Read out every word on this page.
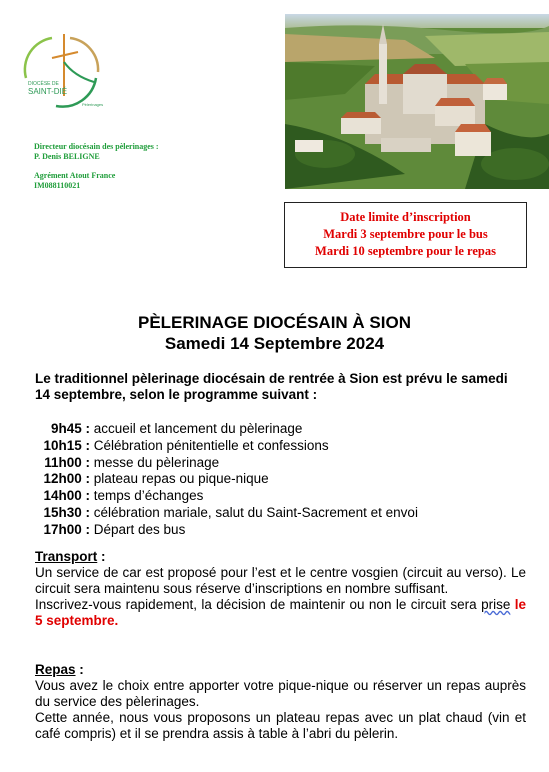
DIOCÈSE DE
SAINT-DIÉ
Pèlerinages
Directeur diocésain des pèlerinages :
P. Denis BELIGNE
Agrément Atout France
IM088110021
Date limite d’inscription
Mardi 3 septembre pour le bus
Mardi 10 septembre pour le repas
PÈLERINAGE DIOCÉSAIN À SION
Samedi 14 Septembre 2024
Le traditionnel pèlerinage diocésain de rentrée à Sion est prévu le samedi 14 septembre, selon le programme suivant :
9h45 : accueil et lancement du pèlerinage
10h15 : Célébration pénitentielle et confessions
11h00 : messe du pèlerinage
12h00 : plateau repas ou pique-nique
14h00 : temps d’échanges
15h30 : célébration mariale, salut du Saint-Sacrement et envoi
17h00 : Départ des bus
Transport :
Un service de car est proposé pour l’est et le centre vosgien (circuit au verso). Le circuit sera maintenu sous réserve d’inscriptions en nombre suffisant.
Inscrivez-vous rapidement, la décision de maintenir ou non le circuit sera prise le 5 septembre.
Repas :
Vous avez le choix entre apporter votre pique-nique ou réserver un repas auprès du service des pèlerinages.
Cette année, nous vous proposons un plateau repas avec un plat chaud (vin et café compris) et il se prendra assis à table à l’abri du pèlerin.
